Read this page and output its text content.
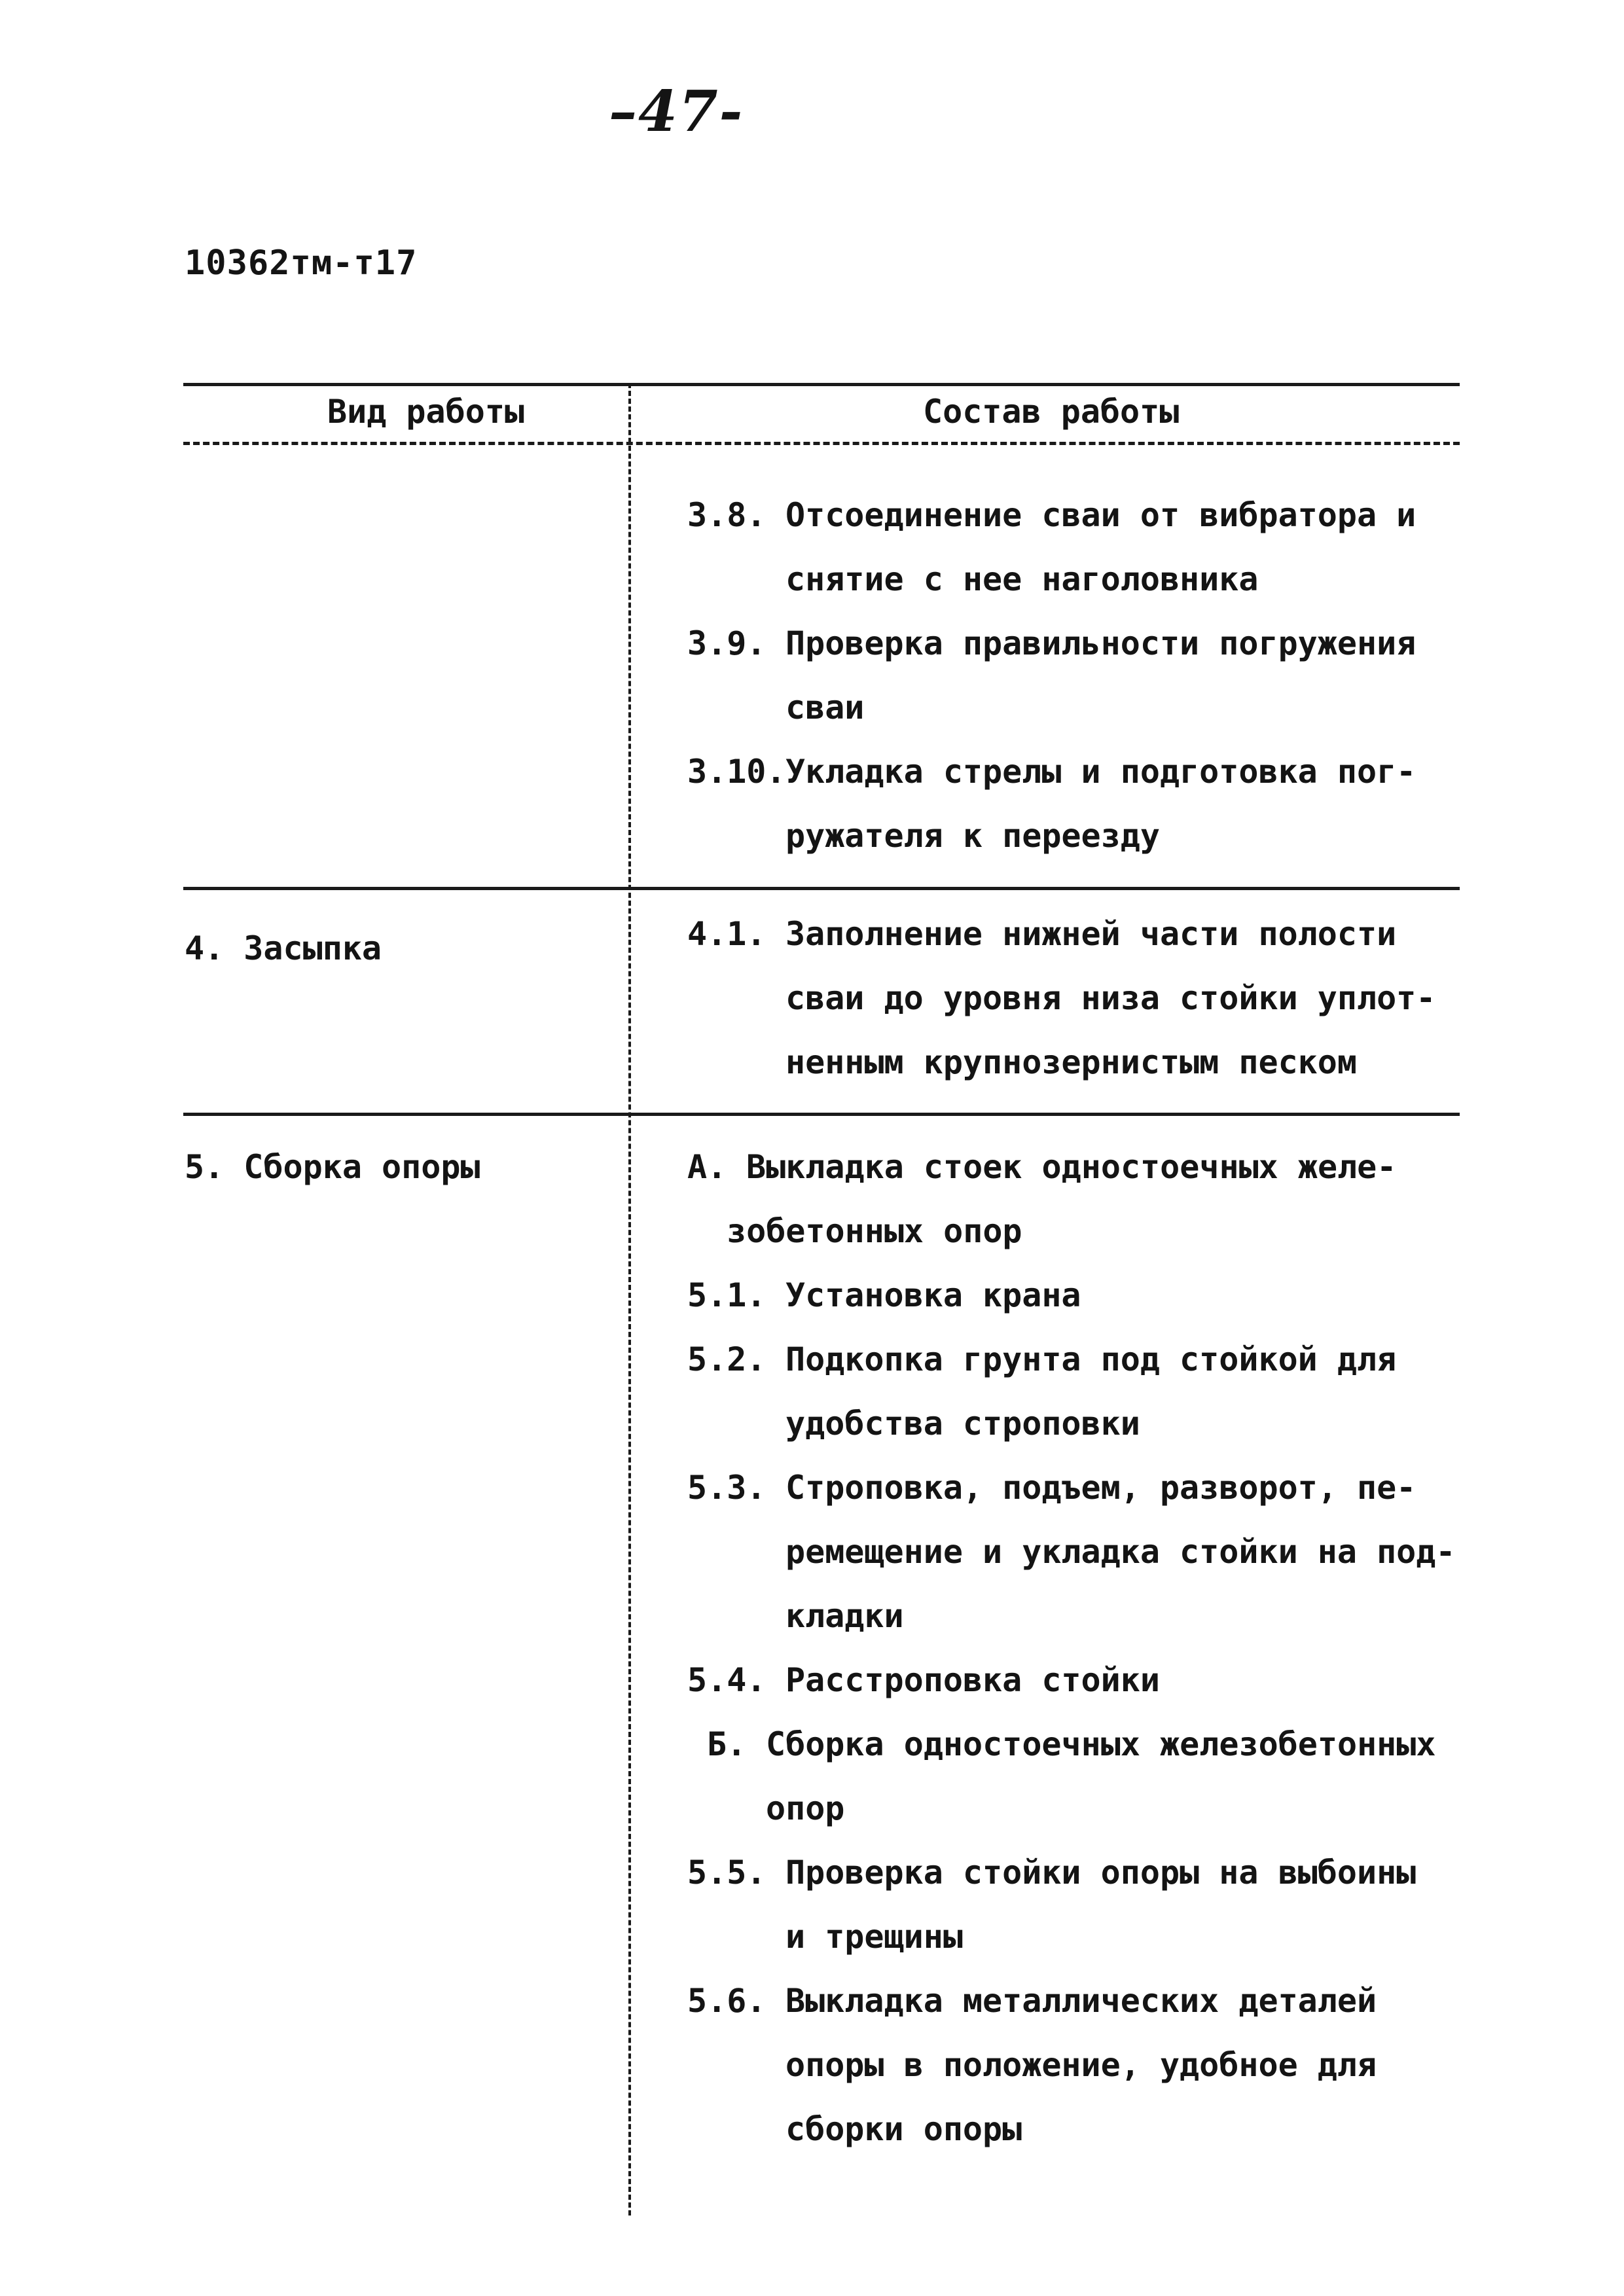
–47-
10362тм-т17
Вид работы	Состав работы
3.8. Отсоединение сваи от вибратора и
снятие с нее наголовника
3.9. Проверка правильности погружения
сваи
3.10. Укладка стрелы и подготовка пог-
ружателя к переезду
4. Засыпка	4.1. Заполнение нижней части полости
сваи до уровня низа стойки уплот-
ненным крупнозернистым песком
5. Сборка опоры	А. Выкладка стоек одностоечных желе-
зобетонных опор
5.1. Установка крана
5.2. Подкопка грунта под стойкой для
удобства строповки
5.3. Строповка, подъем, разворот, пе-
ремещение и укладка стойки на под-
кладки
5.4. Расстроповка стойки
Б. Сборка одностоечных железобетонных
опор
5.5. Проверка стойки опоры на выбоины
и трещины
5.6. Выкладка металлических деталей
опоры в положение, удобное для
сборки опоры
